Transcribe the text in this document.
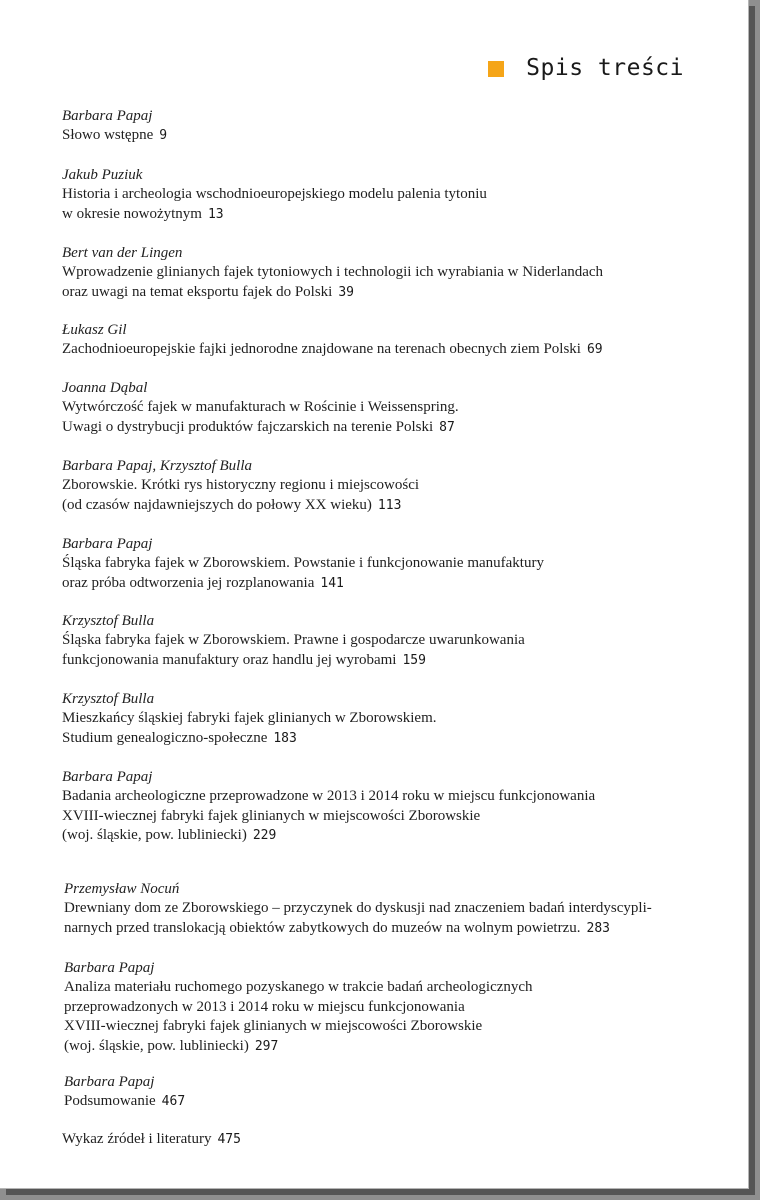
Spis treści
Barbara Papaj
Słowo wstępne 9
Jakub Puziuk
Historia i archeologia wschodnioeuropejskiego modelu palenia tytoniu
w okresie nowożytnym 13
Bert van der Lingen
Wprowadzenie glinianych fajek tytoniowych i technologii ich wyrabiania w Niderlandach
oraz uwagi na temat eksportu fajek do Polski 39
Łukasz Gil
Zachodnioeuropejskie fajki jednorodne znajdowane na terenach obecnych ziem Polski 69
Joanna Dąbal
Wytwórczość fajek w manufakturach w Rościnie i Weissenspring.
Uwagi o dystrybucji produktów fajczarskich na terenie Polski 87
Barbara Papaj, Krzysztof Bulla
Zborowskie. Krótki rys historyczny regionu i miejscowości
(od czasów najdawniejszych do połowy XX wieku) 113
Barbara Papaj
Śląska fabryka fajek w Zborowskiem. Powstanie i funkcjonowanie manufaktury
oraz próba odtworzenia jej rozplanowania 141
Krzysztof Bulla
Śląska fabryka fajek w Zborowskiem. Prawne i gospodarcze uwarunkowania
funkcjonowania manufaktury oraz handlu jej wyrobami 159
Krzysztof Bulla
Mieszkańcy śląskiej fabryki fajek glinianych w Zborowskiem.
Studium genealogiczno-społeczne 183
Barbara Papaj
Badania archeologiczne przeprowadzone w 2013 i 2014 roku w miejscu funkcjonowania
XVIII-wiecznej fabryki fajek glinianych w miejscowości Zborowskie
(woj. śląskie, pow. lubliniecki) 229
Przemysław Nocuń
Drewniany dom ze Zborowskiego – przyczynek do dyskusji nad znaczeniem badań interdyscypli-
narnych przed translokacją obiektów zabytkowych do muzeów na wolnym powietrzu. 283
Barbara Papaj
Analiza materiału ruchomego pozyskanego w trakcie badań archeologicznych
przeprowadzonych w 2013 i 2014 roku w miejscu funkcjonowania
XVIII-wiecznej fabryki fajek glinianych w miejscowości Zborowskie
(woj. śląskie, pow. lubliniecki) 297
Barbara Papaj
Podsumowanie 467
Wykaz źródeł i literatury 475
